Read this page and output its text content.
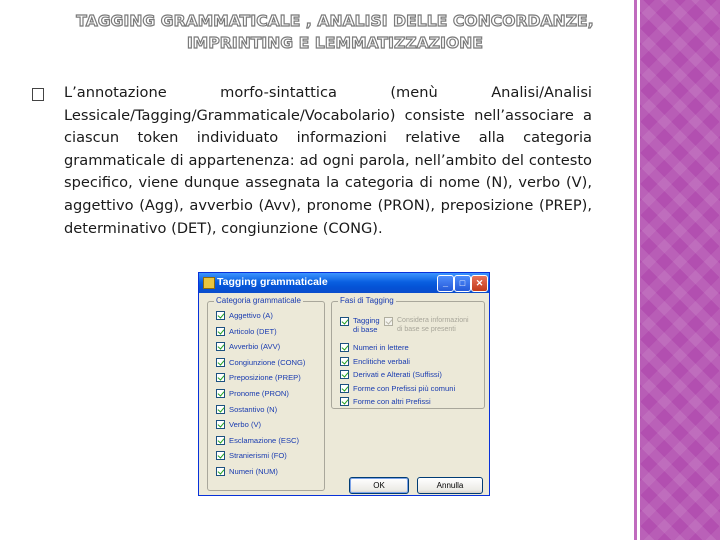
TAGGING GRAMMATICALE , ANALISI DELLE CONCORDANZE,
IMPRINTING E LEMMATIZZAZIONE
L’annotazione morfo-sintattica (menù Analisi/Analisi Lessicale/Tagging/Grammaticale/Vocabolario) consiste nell’associare a ciascun token individuato informazioni relative alla categoria grammaticale di appartenenza: ad ogni parola, nell’ambito del contesto specifico, viene dunque assegnata la categoria di nome (N), verbo (V), aggettivo (Agg), avverbio (Avv), pronome (PRON), preposizione (PREP), determinativo (DET), congiunzione (CONG).
Tagging grammaticale	_	□	✕
Categoria grammaticale
Aggettivo (A)
Articolo (DET)
Avverbio (AVV)
Congiunzione (CONG)
Preposizione (PREP)
Pronome (PRON)
Sostantivo (N)
Verbo (V)
Esclamazione (ESC)
Stranierismi (FO)
Numeri (NUM)
Fasi di Tagging
Tagging
di base
Considera informazioni
di base se presenti
Numeri in lettere
Enclitiche verbali
Derivati e Alterati (Suffissi)
Forme con Prefissi più comuni
Forme con altri Prefissi
OK	Annulla
